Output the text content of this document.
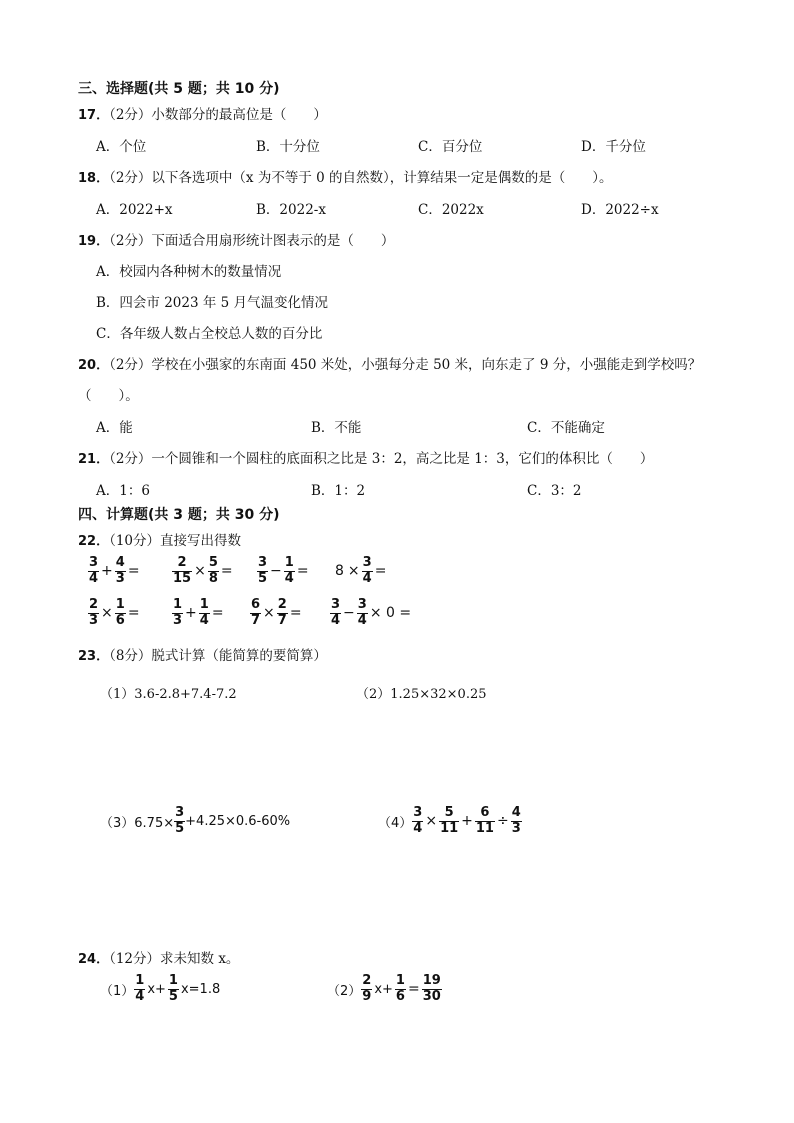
三、选择题(共 5 题；共 10 分)
17．（2分）小数部分的最高位是（　　）
A．个位	B．十分位	C．百分位	D．千分位
18．（2分）以下各选项中（x 为不等于 0 的自然数），计算结果一定是偶数的是（　　）。
A．2022+x	B．2022-x	C．2022x	D．2022÷x
19．（2分）下面适合用扇形统计图表示的是（　　）
A．校园内各种树木的数量情况
B．四会市 2023 年 5 月气温变化情况
C．各年级人数占全校总人数的百分比
20．（2分）学校在小强家的东南面 450 米处，小强每分走 50 米，向东走了 9 分，小强能走到学校吗？
（　　）。
A．能	B．不能	C．不能确定
21．（2分）一个圆锥和一个圆柱的底面积之比是 3：2，高之比是 1：3，它们的体积比（　　）
A．1：6	B．1：2	C．3：2
四、计算题(共 3 题；共 30 分)
22．（10分）直接写出得数
$\frac{3}{4} + \frac{4}{3} = \frac{2}{15} \times \frac{5}{8} = \frac{3}{5} - \frac{1}{4} = 8 \times \frac{3}{4}$ =
$\frac{2}{3} \times \frac{1}{6} = \frac{1}{3} + \frac{1}{4} = \frac{6}{7} \times \frac{2}{7} = \frac{3}{4} - \frac{3}{4} \times 0$ =
23．（8分）脱式计算（能简算的要简算）
（1）3.6-2.8+7.4-7.2	（2）1.25×32×0.25
$(3)6.75\times \frac{3}{5} +4.25\times 0.6-60\%$	$(4) \frac{3}{4} \times \frac{5}{11} + \frac{6}{11} \div \frac{4}{3}$
24．（12分）求未知数 x。
$(1) \frac{1}{4} x+ \frac{1}{5} x=1.8$	$(2) \frac{2}{9} x+ \frac{1}{6} = \frac{19}{30}$
